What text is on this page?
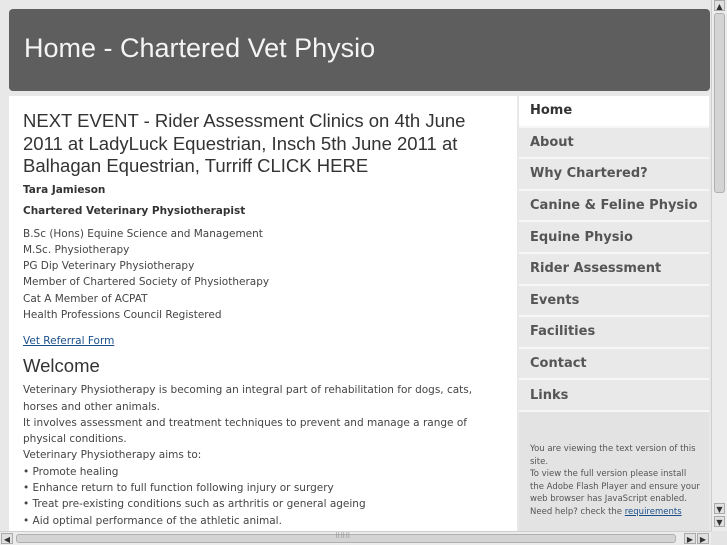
Home - Chartered Vet Physio
NEXT EVENT - Rider Assessment Clinics on 4th June 2011 at LadyLuck Equestrian, Insch 5th June 2011 at Balhagan Equestrian, Turriff CLICK HERE

Tara Jamieson

Chartered Veterinary Physiotherapist

B.Sc (Hons) Equine Science and Management

M.Sc. Physiotherapy

PG Dip Veterinary Physiotherapy

Member of Chartered Society of Physiotherapy

Cat A Member of ACPAT

Health Professions Council Registered

Vet Referral Form
Welcome

Veterinary Physiotherapy is becoming an integral part of rehabilitation for dogs, cats, horses and other animals.

It involves assessment and treatment techniques to prevent and manage a range of physical conditions.

Veterinary Physiotherapy aims to:

• Promote healing

• Enhance return to full function following injury or surgery

• Treat pre-existing conditions such as arthritis or general ageing

• Aid optimal performance of the athletic animal.

Home
About
Why Chartered?
Canine & Feline Physio
Equine Physio
Rider Assessment
Events
Facilities
Contact
Links
You are viewing the text version of this site.
To view the full version please install the Adobe Flash Player and ensure your web browser has JavaScript enabled.
Need help? check the requirements
▲
▼
▼
◀	⠿⠿⠿	▶ ▶
